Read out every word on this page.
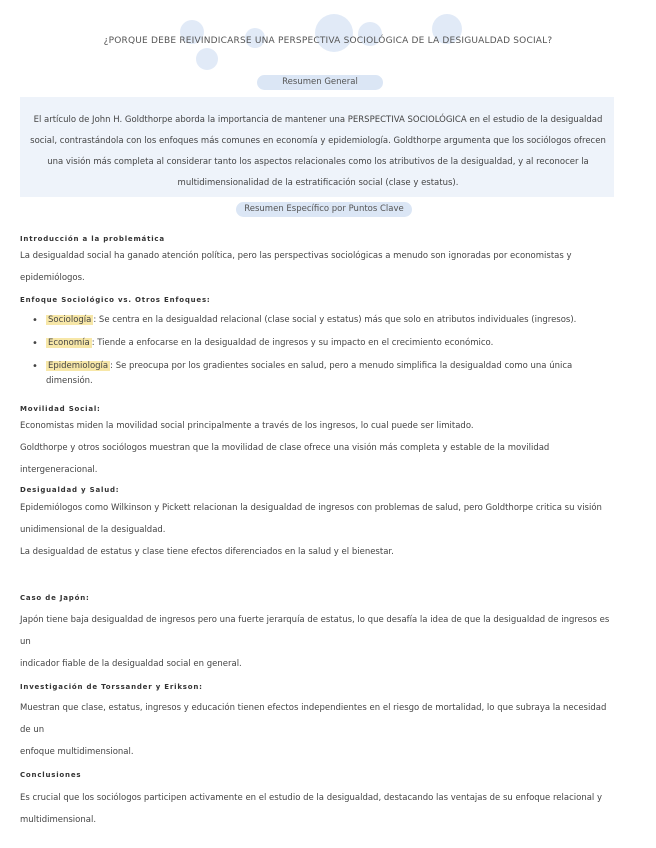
¿PORQUE DEBE REIVINDICARSE UNA PERSPECTIVA SOCIOLÓGICA DE LA DESIGUALDAD SOCIAL?
Resumen General
El artículo de John H. Goldthorpe aborda la importancia de mantener una PERSPECTIVA SOCIOLÓGICA en el estudio de la desigualdad social, contrastándola con los enfoques más comunes en economía y epidemiología. Goldthorpe argumenta que los sociólogos ofrecen una visión más completa al considerar tanto los aspectos relacionales como los atributivos de la desigualdad, y al reconocer la multidimensionalidad de la estratificación social (clase y estatus).
Resumen Específico por Puntos Clave
Introducción a la problemática
La desigualdad social ha ganado atención política, pero las perspectivas sociológicas a menudo son ignoradas por economistas y epidemiólogos.
Enfoque Sociológico vs. Otros Enfoques:
• Sociología : Se centra en la desigualdad relacional (clase social y estatus) más que solo en atributos individuales (ingresos).
• Economía : Tiende a enfocarse en la desigualdad de ingresos y su impacto en el crecimiento económico.
• Epidemiología : Se preocupa por los gradientes sociales en salud, pero a menudo simplifica la desigualdad como una única dimensión.
Movilidad Social:
Economistas miden la movilidad social principalmente a través de los ingresos, lo cual puede ser limitado.
Goldthorpe y otros sociólogos muestran que la movilidad de clase ofrece una visión más completa y estable de la movilidad intergeneracional.
Desigualdad y Salud:
Epidemiólogos como Wilkinson y Pickett relacionan la desigualdad de ingresos con problemas de salud, pero Goldthorpe critica su visión
unidimensional de la desigualdad.
La desigualdad de estatus y clase tiene efectos diferenciados en la salud y el bienestar.
Caso de Japón:
Japón tiene baja desigualdad de ingresos pero una fuerte jerarquía de estatus, lo que desafía la idea de que la desigualdad de ingresos es un
indicador fiable de la desigualdad social en general.
Investigación de Torssander y Erikson:
Muestran que clase, estatus, ingresos y educación tienen efectos independientes en el riesgo de mortalidad, lo que subraya la necesidad de un
enfoque multidimensional.
Conclusiones
Es crucial que los sociólogos participen activamente en el estudio de la desigualdad, destacando las ventajas de su enfoque relacional y
multidimensional.
